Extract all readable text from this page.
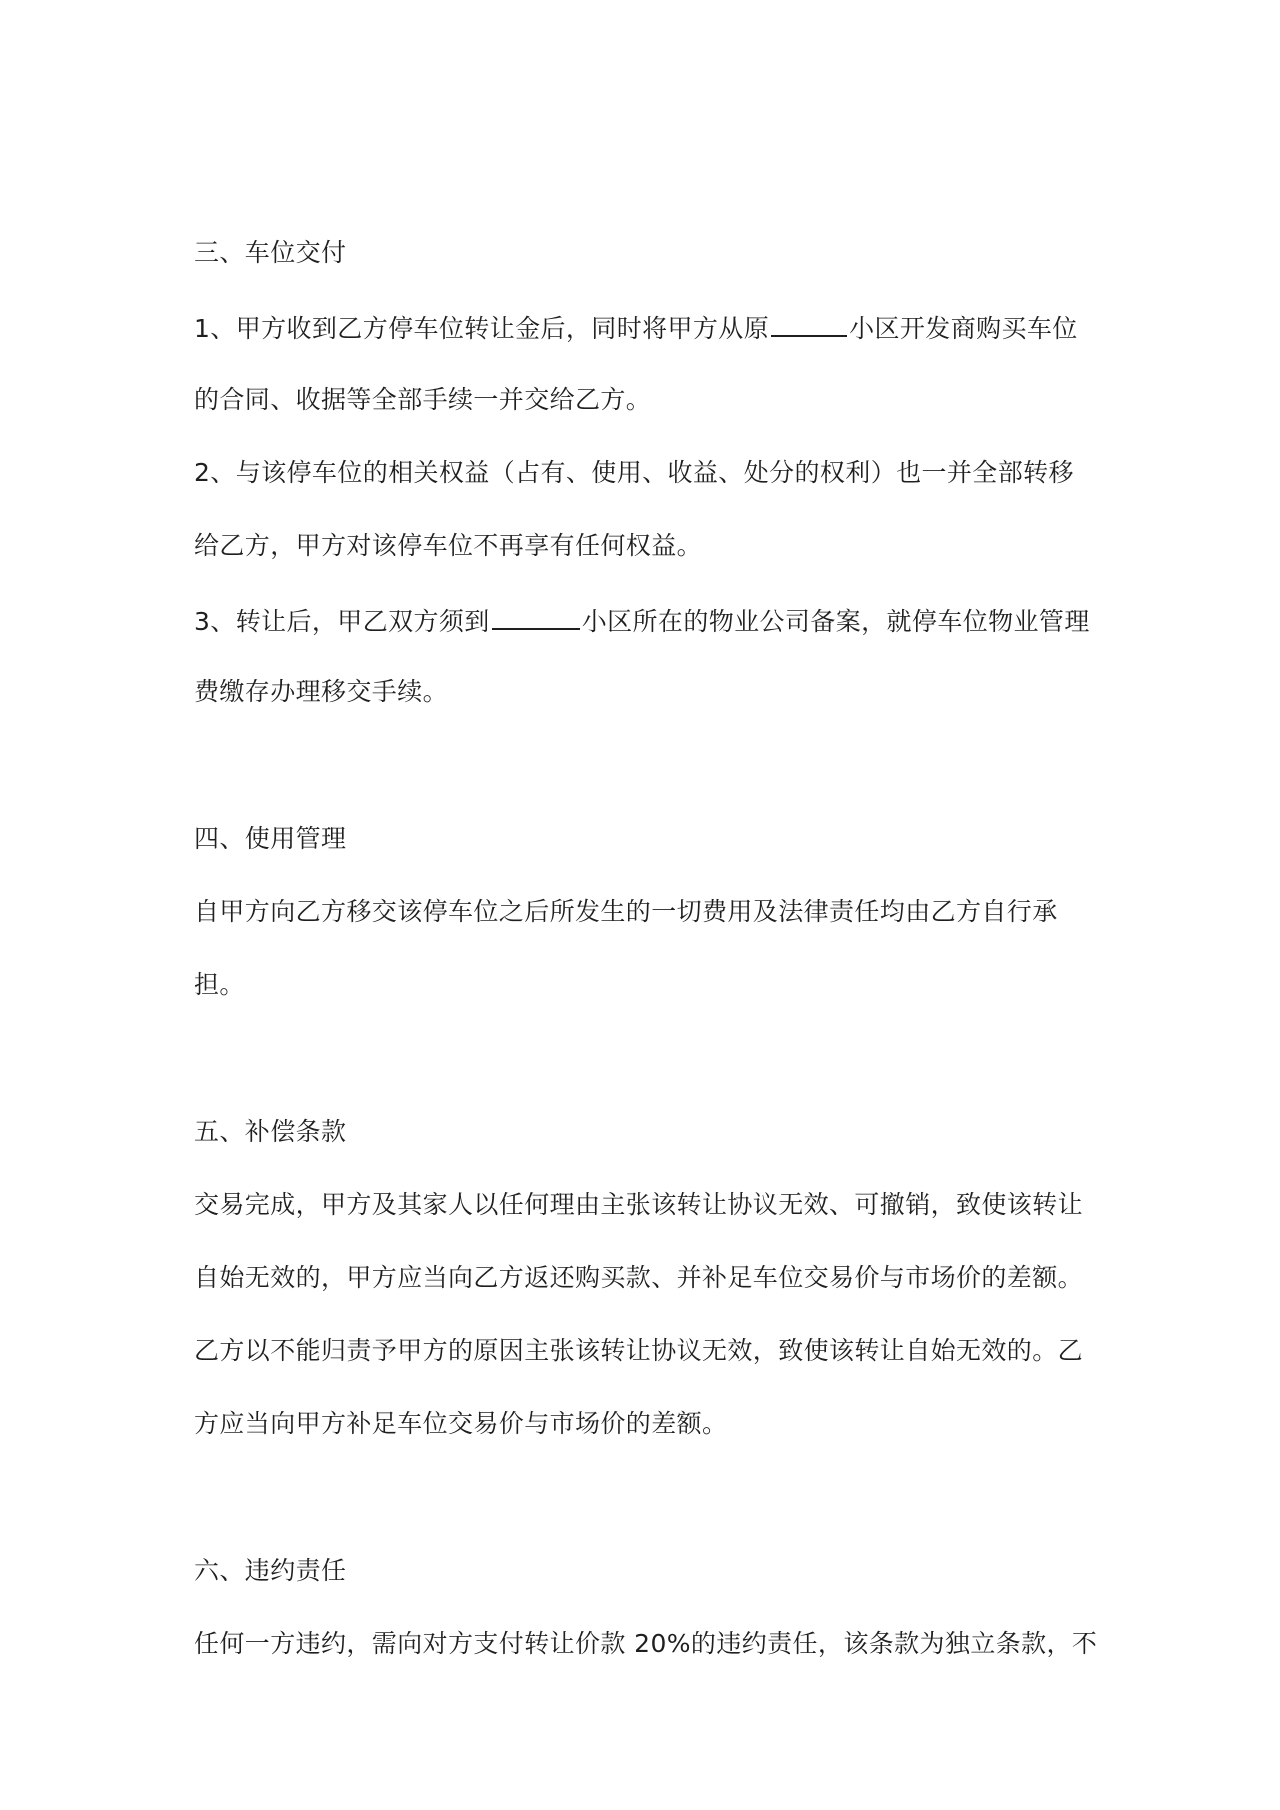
三、车位交付
1、甲方收到乙方停车位转让金后，同时将甲方从原	小区开发商购买车位
的合同、收据等全部手续一并交给乙方。
2、与该停车位的相关权益（占有、使用、收益、处分的权利）也一并全部转移
给乙方，甲方对该停车位不再享有任何权益。
3、转让后，甲乙双方须到	小区所在的物业公司备案，就停车位物业管理
费缴存办理移交手续。
四、使用管理
自甲方向乙方移交该停车位之后所发生的一切费用及法律责任均由乙方自行承
担。
五、补偿条款
交易完成，甲方及其家人以任何理由主张该转让协议无效、可撤销，致使该转让
自始无效的，甲方应当向乙方返还购买款、并补足车位交易价与市场价的差额。
乙方以不能归责予甲方的原因主张该转让协议无效，致使该转让自始无效的。乙
方应当向甲方补足车位交易价与市场价的差额。
六、违约责任
任何一方违约，需向对方支付转让价款 20%的违约责任，该条款为独立条款，不
